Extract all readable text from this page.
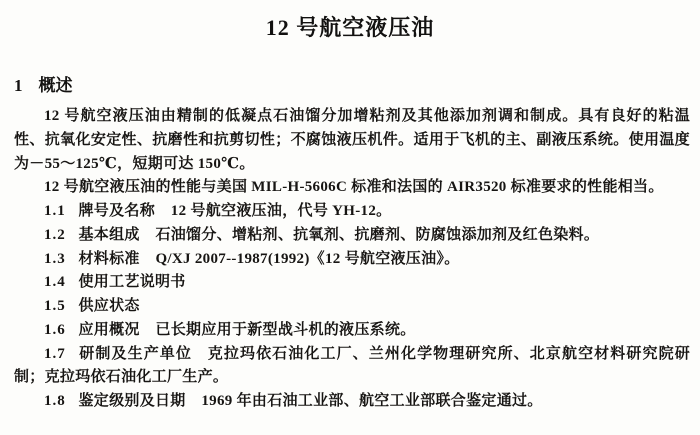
12 号航空液压油
1 概述

12 号航空液压油由精制的低凝点石油馏分加增粘剂及其他添加剂调和制成。具有良好的粘温性、抗氧化安定性、抗磨性和抗剪切性；不腐蚀液压机件。适用于飞机的主、副液压系统。使用温度为－55～125℃，短期可达 150℃。

12 号航空液压油的性能与美国 MIL-H-5606C 标准和法国的 AIR3520 标准要求的性能相当。

1.1 牌号及名称 12 号航空液压油，代号 YH-12。

1.2 基本组成 石油馏分、增粘剂、抗氧剂、抗磨剂、防腐蚀添加剂及红色染料。

1.3 材料标准 Q/XJ 2007--1987(1992)《12 号航空液压油》。

1.4 使用工艺说明书

1.5 供应状态

1.6 应用概况 已长期应用于新型战斗机的液压系统。

1.7 研制及生产单位 克拉玛依石油化工厂、兰州化学物理研究所、北京航空材料研究院研制；克拉玛依石油化工厂生产。

1.8 鉴定级别及日期 1969 年由石油工业部、航空工业部联合鉴定通过。
